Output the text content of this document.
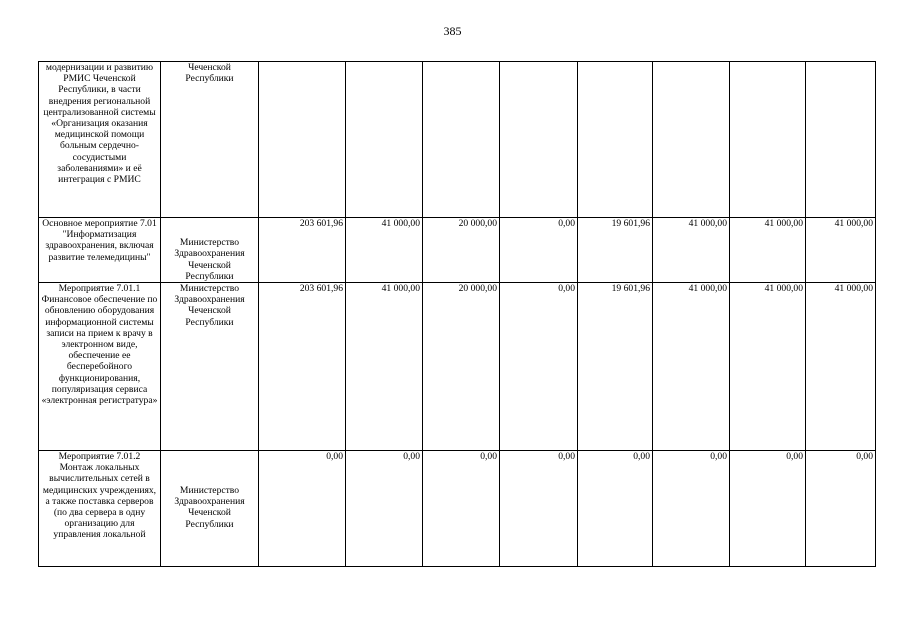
385
модернизации и развитию РМИС Чеченской Республики, в части внедрения региональной централизованной системы «Организация оказания медицинской помощи больным сердечно-сосудистыми заболеваниями» и её интеграция с РМИС	Чеченской Республики								
Основное мероприятие 7.01 "Информатизация здравоохранения, включая развитие телемедицины"	Министерство Здравоохранения Чеченской Республики	203 601,96	41 000,00	20 000,00	0,00	19 601,96	41 000,00	41 000,00	41 000,00
Мероприятие 7.01.1 Финансовое обеспечение по обновлению оборудования информационной системы записи на прием к врачу в электронном виде, обеспечение ее бесперебойного функционирования, популяризация сервиса «электронная регистратура»	Министерство Здравоохранения Чеченской Республики	203 601,96	41 000,00	20 000,00	0,00	19 601,96	41 000,00	41 000,00	41 000,00
Мероприятие 7.01.2 Монтаж локальных вычислительных сетей в медицинских учреждениях, а также поставка серверов (по два сервера в одну организацию для управления локальной	Министерство Здравоохранения Чеченской Республики	0,00	0,00	0,00	0,00	0,00	0,00	0,00	0,00
